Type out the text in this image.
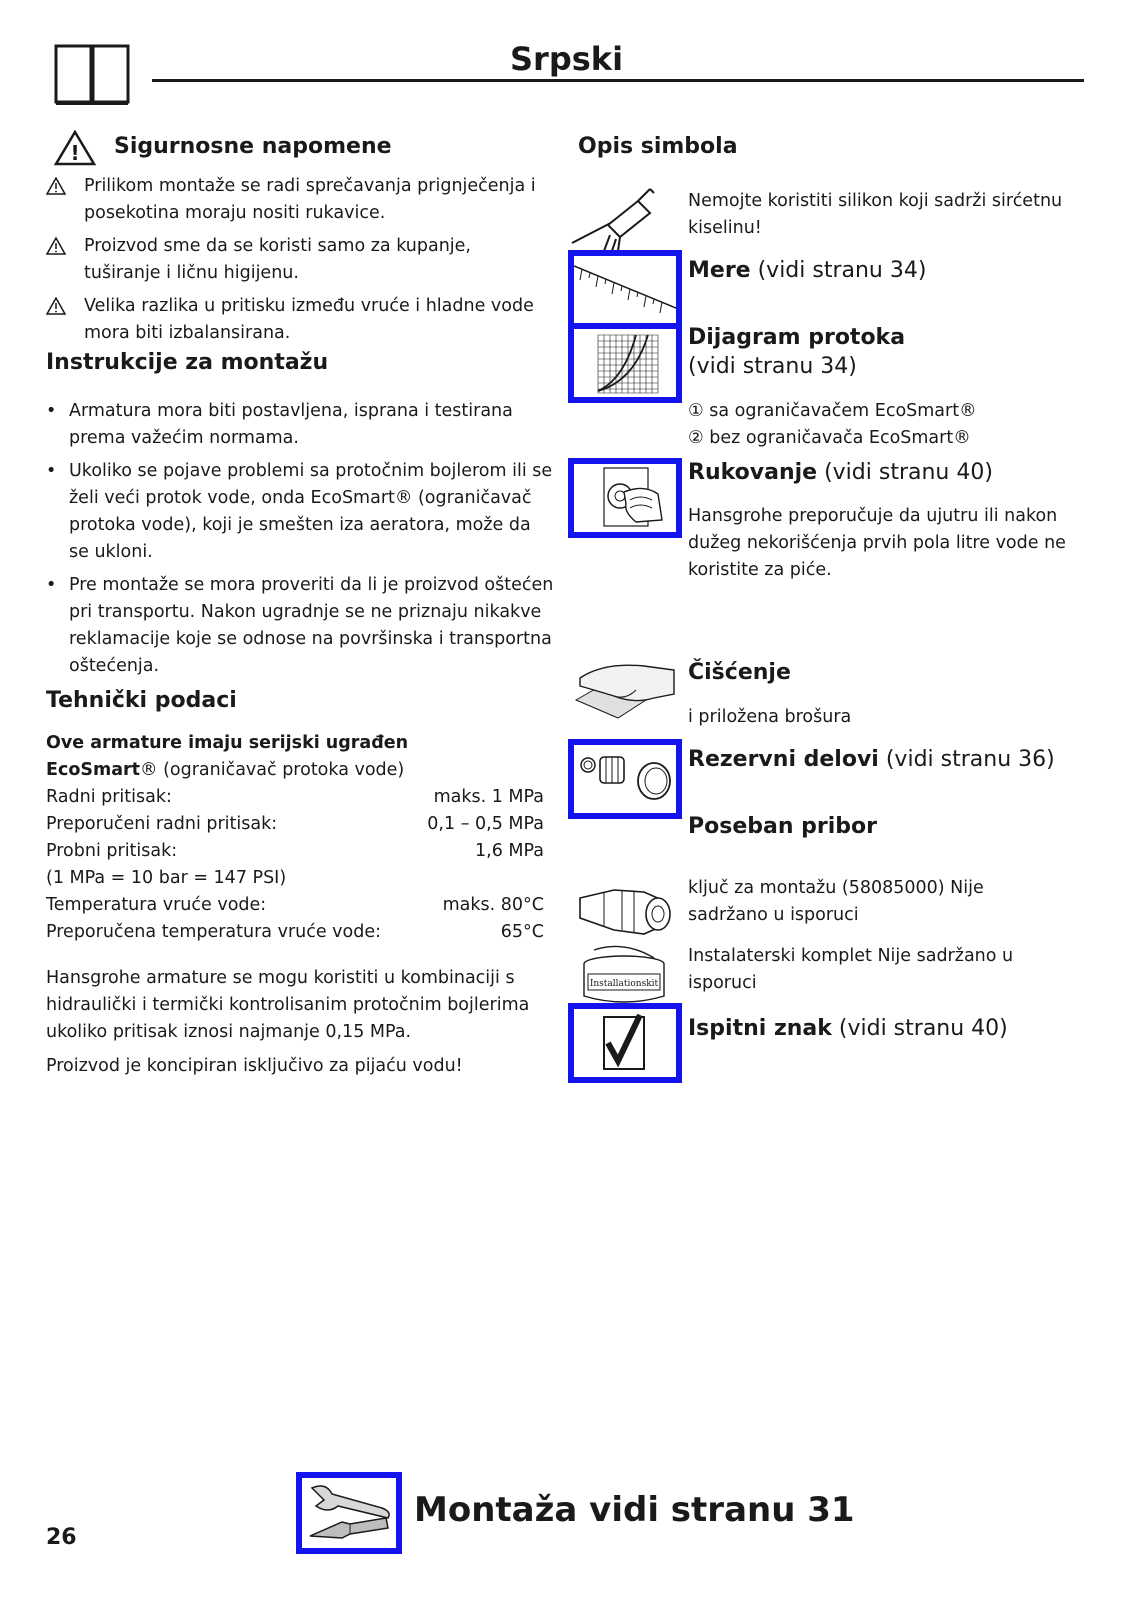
Srpski
! Sigurnosne napomene
Prilikom montaže se radi sprečavanja prignječenja i posekotina moraju nositi rukavice.
Proizvod sme da se koristi samo za kupanje, tuširanje i ličnu higijenu.
Velika razlika u pritisku između vruće i hladne vode mora biti izbalansirana.
Instrukcije za montažu
• Armatura mora biti postavljena, isprana i testirana prema važećim normama.
• Ukoliko se pojave problemi sa protočnim bojlerom ili se želi veći protok vode, onda EcoSmart® (ograničavač protoka vode), koji je smešten iza aeratora, može da se ukloni.
• Pre montaže se mora proveriti da li je proizvod oštećen pri transportu. Nakon ugradnje se ne priznaju nikakve reklamacije koje se odnose na površinska i transportna oštećenja.
Tehnički podaci
Ove armature imaju serijski ugrađen
EcoSmart® (ograničavač protoka vode)
Radni pritisak:	maks. 1 MPa
Preporučeni radni pritisak:	0,1 – 0,5 MPa
Probni pritisak:	1,6 MPa
(1 MPa = 10 bar = 147 PSI)
Temperatura vruće vode:	maks. 80°C
Preporučena temperatura vruće vode:	65°C
Hansgrohe armature se mogu koristiti u kombinaciji s hidraulički i termički kontrolisanim protočnim bojlerima ukoliko pritisak iznosi najmanje 0,15 MPa.
Proizvod je koncipiran isključivo za pijaću vodu!
Opis simbola
Nemojte koristiti silikon koji sadrži sirćetnu kiselinu!
Mere (vidi stranu 34)
Dijagram protoka
(vidi stranu 34)
① sa ograničavačem EcoSmart®
② bez ograničavača EcoSmart®
Rukovanje (vidi stranu 40)
Hansgrohe preporučuje da ujutru ili nakon dužeg nekorišćenja prvih pola litre vode ne koristite za piće.
Čišćenje
i priložena brošura
Rezervni delovi (vidi stranu 36)
Poseban pribor
ključ za montažu (58085000) Nije sadržano u isporuci
Installationskit
Instalaterski komplet Nije sadržano u isporuci
Ispitni znak (vidi stranu 40)
26
Montaža vidi stranu 31
